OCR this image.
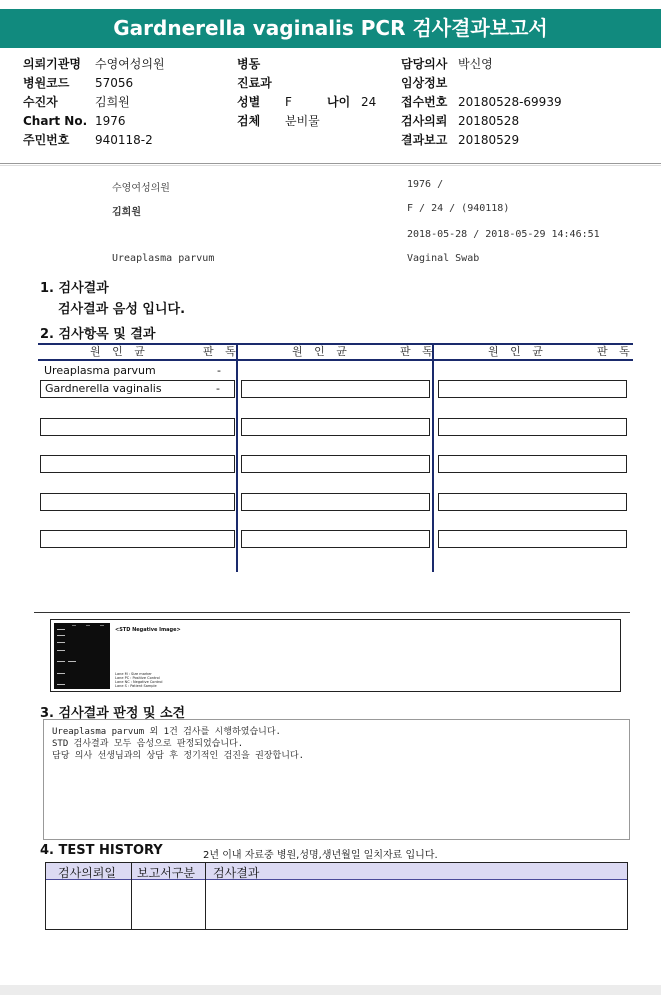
Gardnerella vaginalis PCR 검사결과보고서
의뢰기관명 수영여성의원
병원코드 57056
수진자	김희원
Chart No. 1976
주민번호 940118-2
병동
진료과
성별 F	나이 24
검체 분비물
담당의사 박신영
임상정보
접수번호 20180528-69939
검사의뢰 20180528
결과보고 20180529
수영여성의원	1976 /
김희원	F / 24 / (940118)
2018-05-28 / 2018-05-29 14:46:51
Ureaplasma parvum	Vaginal Swab
1. 검사결과
검사결과 음성 입니다.
2. 검사항목 및 결과
원 인 균	판 독	원 인 균	판 독	원 인 균	판 독
Ureaplasma parvum	-
Gardnerella vaginalis	-
<STD Negative Image>
Lane M : Size marker
Lane PC : Positive Control
Lane NC : Negative Control
Lane S : Patient Sample
3. 검사결과 판정 및 소견
Ureaplasma parvum 외 1건 검사를 시행하였습니다.
STD 검사결과 모두 음성으로 판정되었습니다.
담당 의사 선생님과의 상담 후 정기적인 검진을 권장합니다.
4. TEST HISTORY	2년 이내 자료중 병원,성명,생년월일 일치자료 입니다.
검사의뢰일 보고서구분 검사결과
